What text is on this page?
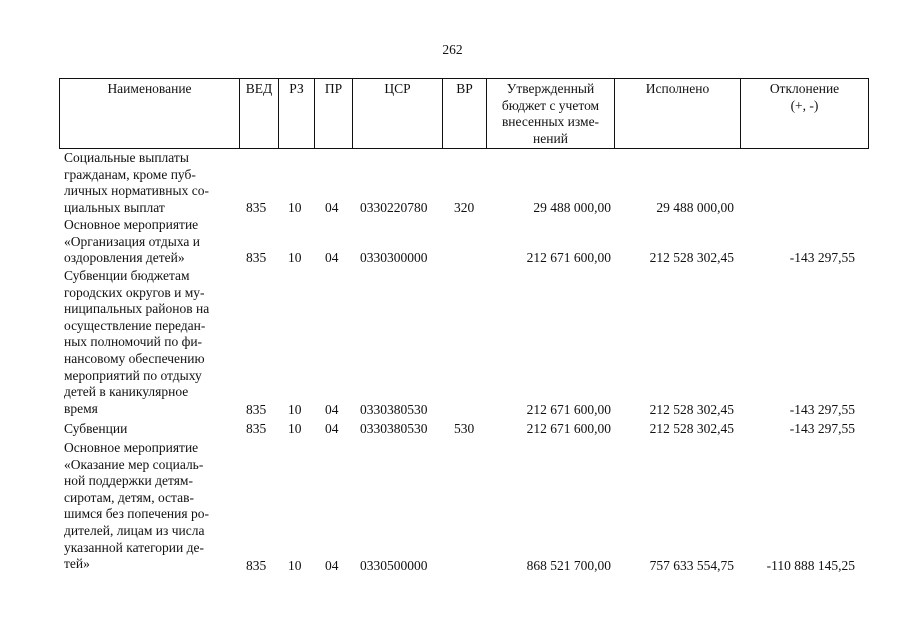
262
Наименование	ВЕД	РЗ	ПР	ЦСР	ВР	Утвержденный
бюджет с учетом
внесенных изме-
нений
Исполнено	Отклонение
(+, -)
Социальные выплаты
гражданам, кроме пуб-
личных нормативных со-
циальных выплат	835 10 04 0330220780 320	29 488 000,00	29 488 000,00
Основное мероприятие
«Организация отдыха и
оздоровления детей»	835 10 04 0330300000	212 671 600,00	212 528 302,45	-143 297,55
Субвенции бюджетам
городских округов и му-
ниципальных районов на
осуществление передан-
ных полномочий по фи-
нансовому обеспечению
мероприятий по отдыху
детей в каникулярное
время	835 10 04 0330380530	212 671 600,00	212 528 302,45	-143 297,55
Субвенции	835 10 04 0330380530 530	212 671 600,00	212 528 302,45	-143 297,55
Основное мероприятие
«Оказание мер социаль-
ной поддержки детям-
сиротам, детям, остав-
шимся без попечения ро-
дителей, лицам из числа
указанной категории де-
тей»	835 10 04 0330500000	868 521 700,00	757 633 554,75 -110 888 145,25
